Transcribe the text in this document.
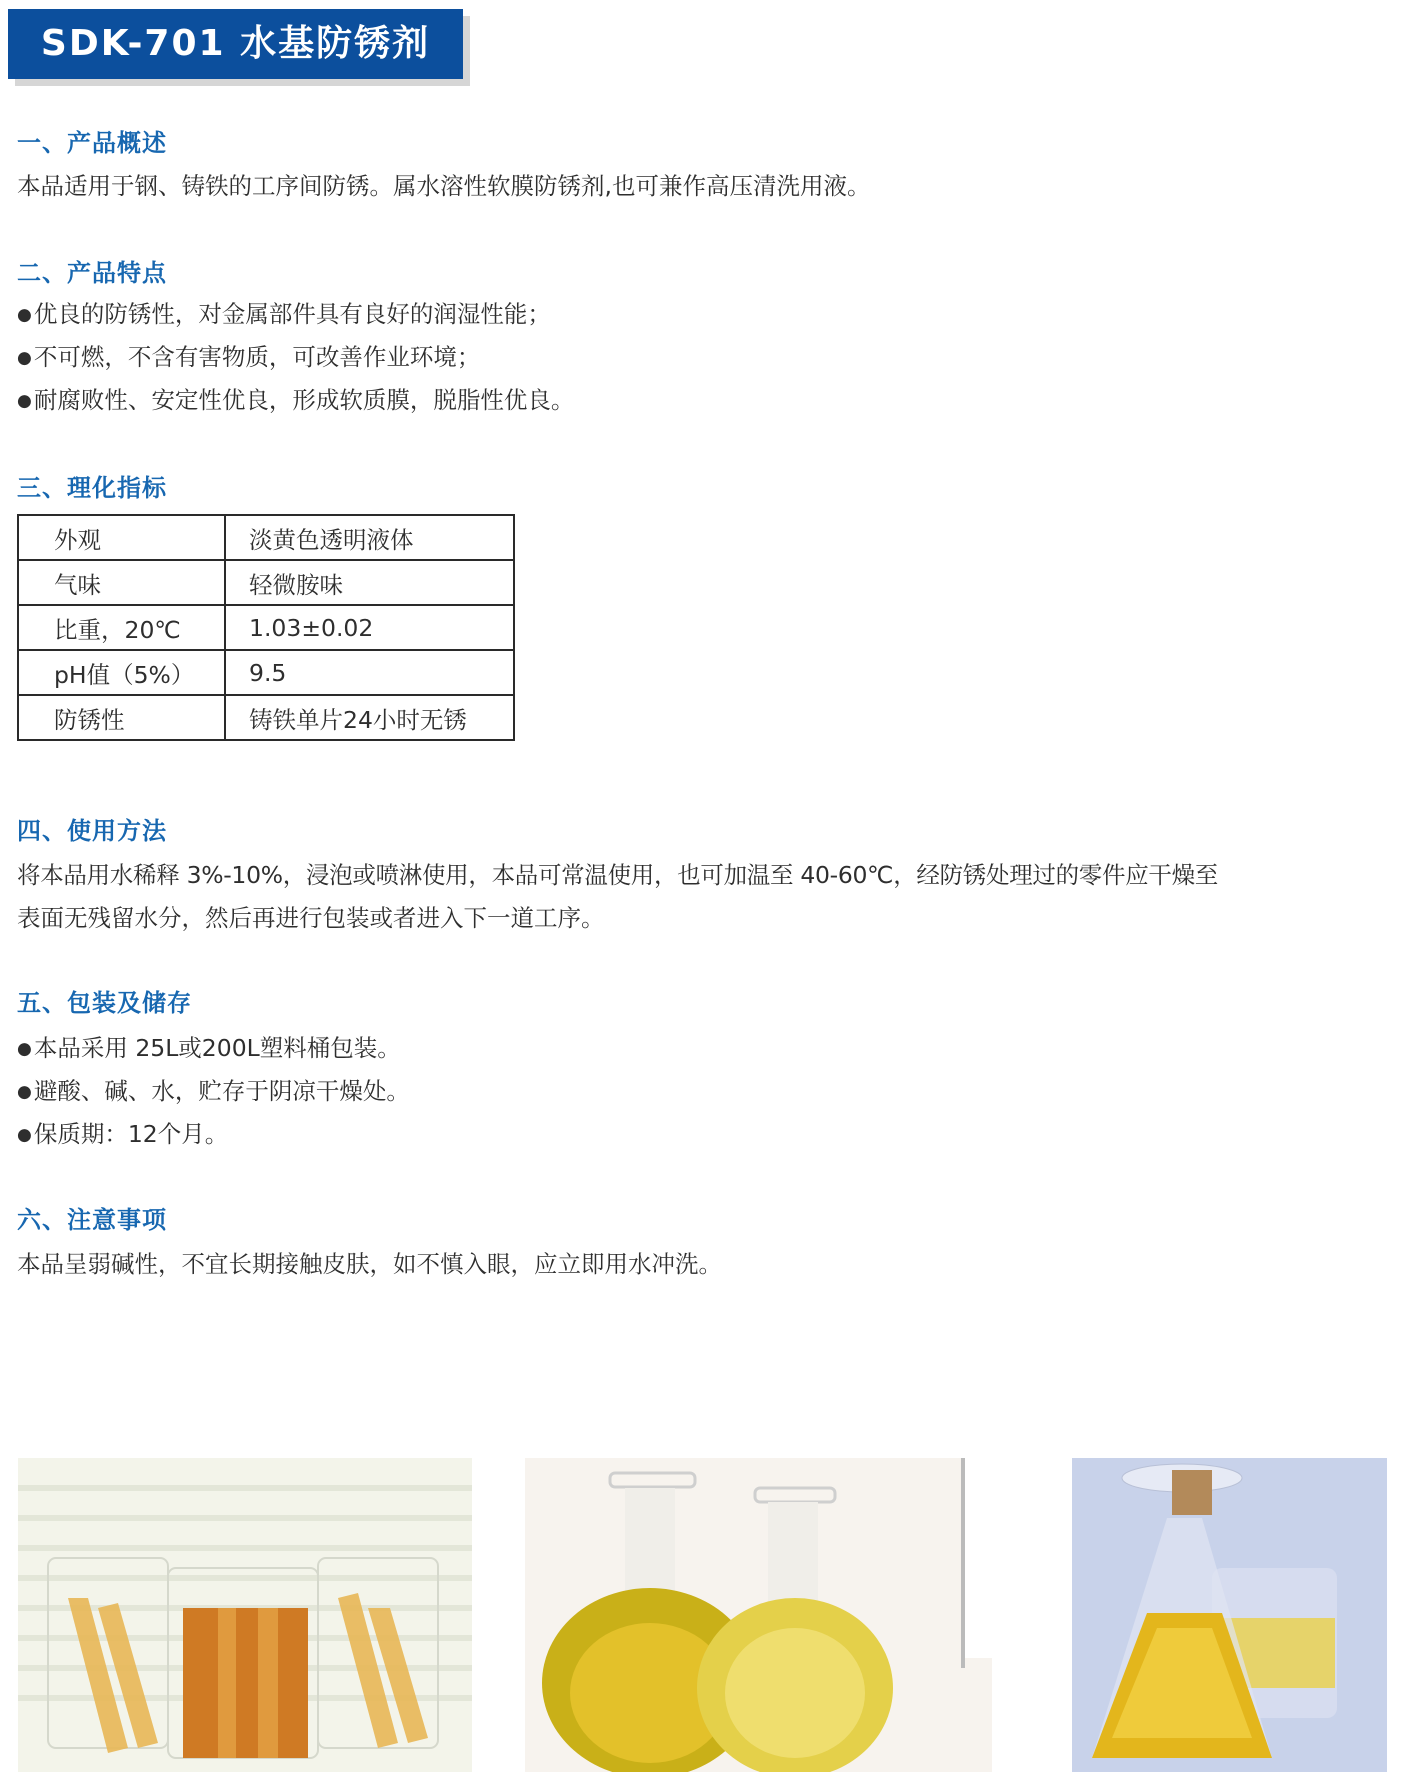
SDK-701 水基防锈剂
一、产品概述
本品适用于钢、铸铁的工序间防锈。属水溶性软膜防锈剂,也可兼作高压清洗用液。
二、产品特点
● 优良的防锈性，对金属部件具有良好的润湿性能；
● 不可燃，不含有害物质，可改善作业环境；
● 耐腐败性、安定性优良，形成软质膜，脱脂性优良。
三、理化指标
外观	淡黄色透明液体
气味	轻微胺味
比重，20℃	1.03±0.02
pH值（5%）	9.5
防锈性	铸铁单片24小时无锈
四、使用方法
将本品用水稀释 3%-10%，浸泡或喷淋使用，本品可常温使用，也可加温至 40-60℃，经防锈处理过的零件应干燥至
表面无残留水分，然后再进行包装或者进入下一道工序。
五、包装及储存
● 本品采用 25L或200L塑料桶包装。
● 避酸、碱、水，贮存于阴凉干燥处。
● 保质期：12个月。
六、注意事项
本品呈弱碱性，不宜长期接触皮肤，如不慎入眼，应立即用水冲洗。
